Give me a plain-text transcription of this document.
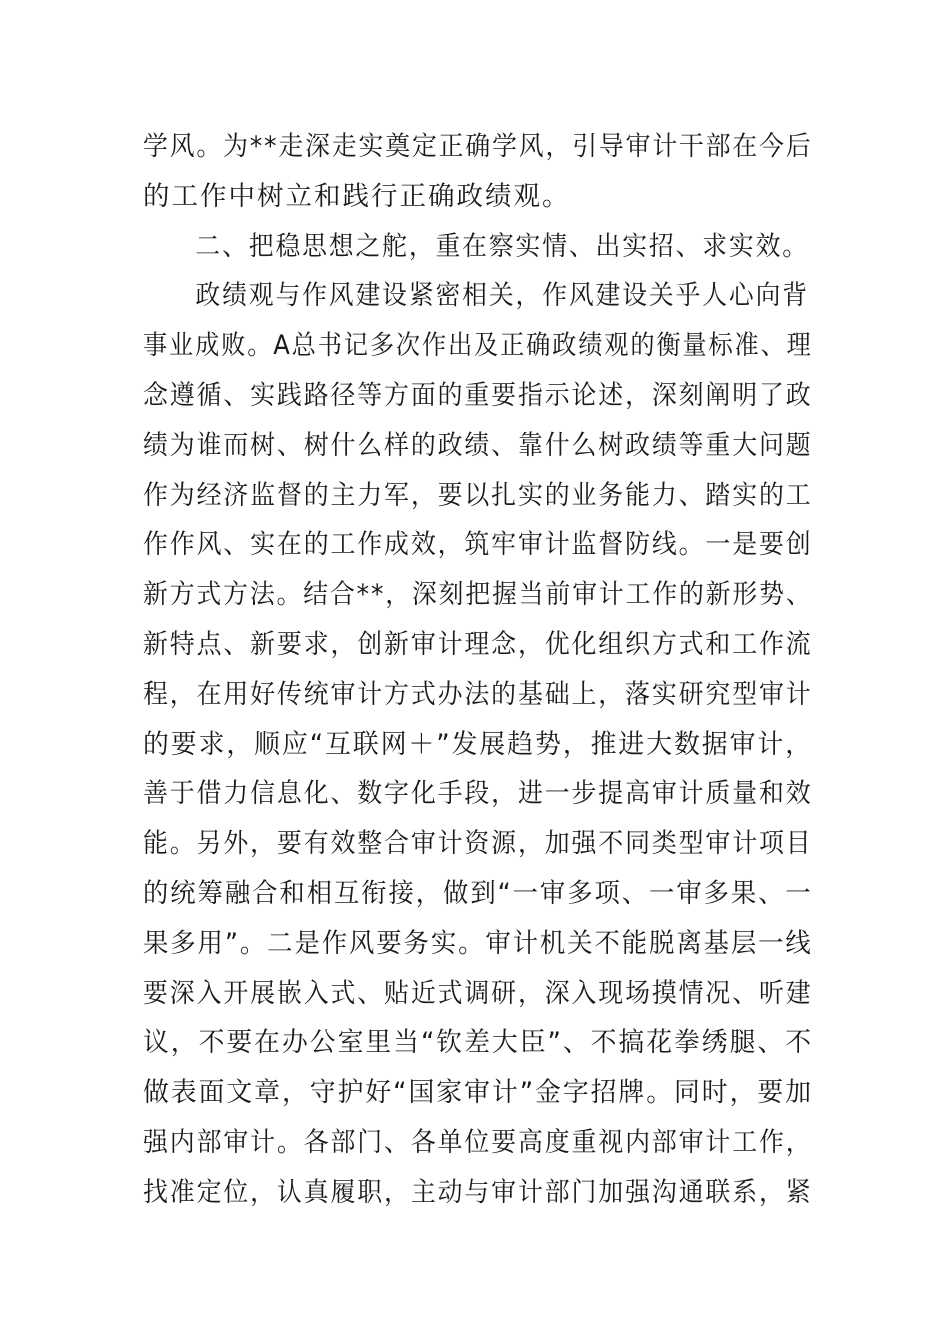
学风。为**走深走实奠定正确学风，引导审计干部在今后
的工作中树立和践行正确政绩观。
二、把稳思想之舵，重在察实情、出实招、求实效。
政绩观与作风建设紧密相关，作风建设关乎人心向背
事业成败。A总书记多次作出及正确政绩观的衡量标准、理
念遵循、实践路径等方面的重要指示论述，深刻阐明了政
绩为谁而树、树什么样的政绩、靠什么树政绩等重大问题
作为经济监督的主力军，要以扎实的业务能力、踏实的工
作作风、实在的工作成效，筑牢审计监督防线。一是要创
新方式方法。结合**，深刻把握当前审计工作的新形势、
新特点、新要求，创新审计理念，优化组织方式和工作流
程，在用好传统审计方式办法的基础上，落实研究型审计
的要求，顺应“互联网＋”发展趋势，推进大数据审计，
善于借力信息化、数字化手段，进一步提高审计质量和效
能。另外，要有效整合审计资源，加强不同类型审计项目
的统筹融合和相互衔接，做到“一审多项、一审多果、一
果多用”。二是作风要务实。审计机关不能脱离基层一线
要深入开展嵌入式、贴近式调研，深入现场摸情况、听建
议，不要在办公室里当“钦差大臣”、不搞花拳绣腿、不
做表面文章，守护好“国家审计”金字招牌。同时，要加
强内部审计。各部门、各单位要高度重视内部审计工作，
找准定位，认真履职，主动与审计部门加强沟通联系，紧
